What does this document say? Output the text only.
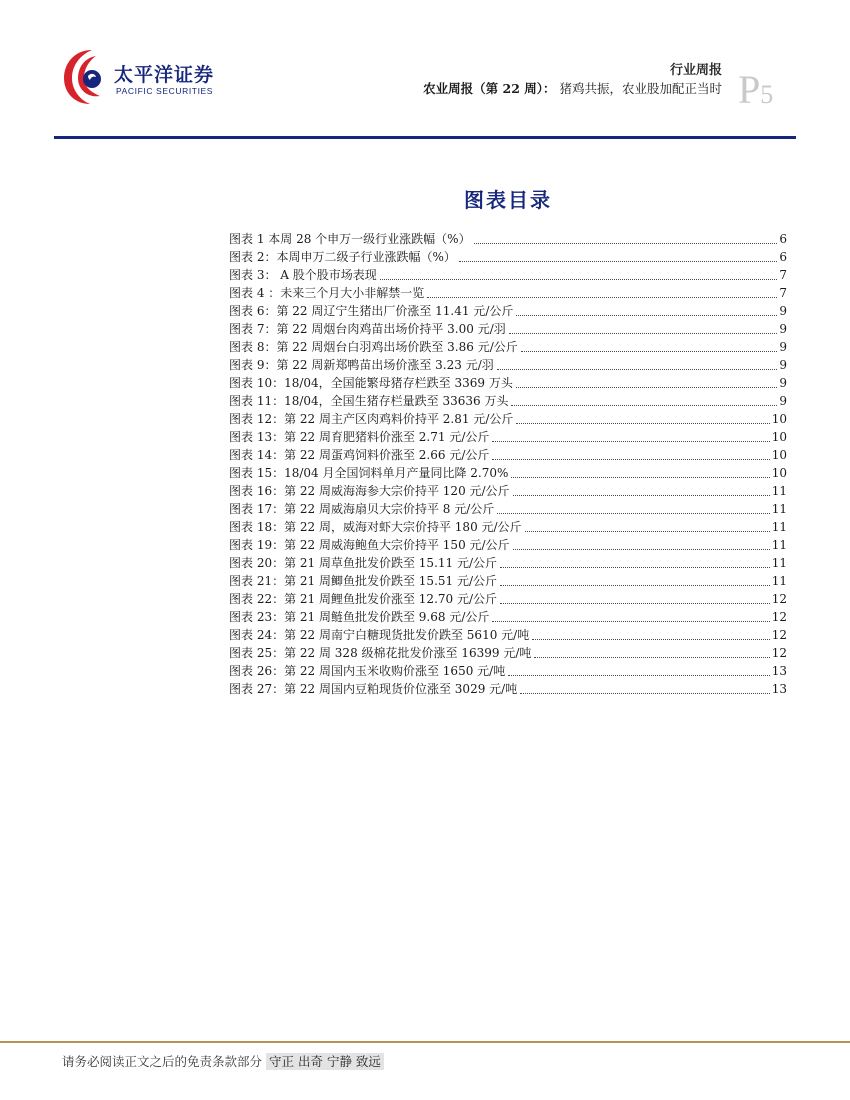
太平洋证券
PACIFIC SECURITIES
行业周报
农业周报（第 22 周）： 猪鸡共振，农业股加配正当时 P5
图表目录
图表 1 本周 28 个申万一级行业涨跌幅（%）	6
图表 2：本周申万二级子行业涨跌幅（%）	6
图表 3： A 股个股市场表现	7
图表 4 ：未来三个月大小非解禁一览	7
图表 6：第 22 周辽宁生猪出厂价涨至 11.41 元/公斤	9
图表 7：第 22 周烟台肉鸡苗出场价持平 3.00 元/羽	9
图表 8：第 22 周烟台白羽鸡出场价跌至 3.86 元/公斤	9
图表 9：第 22 周新郑鸭苗出场价涨至 3.23 元/羽	9
图表 10：18/04，全国能繁母猪存栏跌至 3369 万头	9
图表 11：18/04，全国生猪存栏量跌至 33636 万头	9
图表 12：第 22 周主产区肉鸡料价持平 2.81 元/公斤	10
图表 13：第 22 周育肥猪料价涨至 2.71 元/公斤	10
图表 14：第 22 周蛋鸡饲料价涨至 2.66 元/公斤	10
图表 15：18/04 月全国饲料单月产量同比降 2.70%	10
图表 16：第 22 周威海海参大宗价持平 120 元/公斤	11
图表 17：第 22 周威海扇贝大宗价持平 8 元/公斤	11
图表 18：第 22 周，威海对虾大宗价持平 180 元/公斤	11
图表 19：第 22 周威海鲍鱼大宗价持平 150 元/公斤	11
图表 20：第 21 周草鱼批发价跌至 15.11 元/公斤	11
图表 21：第 21 周鲫鱼批发价跌至 15.51 元/公斤	11
图表 22：第 21 周鲤鱼批发价涨至 12.70 元/公斤	12
图表 23：第 21 周鲢鱼批发价跌至 9.68 元/公斤	12
图表 24：第 22 周南宁白糖现货批发价跌至 5610 元/吨	12
图表 25：第 22 周 328 级棉花批发价涨至 16399 元/吨	12
图表 26：第 22 周国内玉米收购价涨至 1650 元/吨	13
图表 27：第 22 周国内豆粕现货价位涨至 3029 元/吨	13
请务必阅读正文之后的免责条款部分 守正 出奇 宁静 致远
